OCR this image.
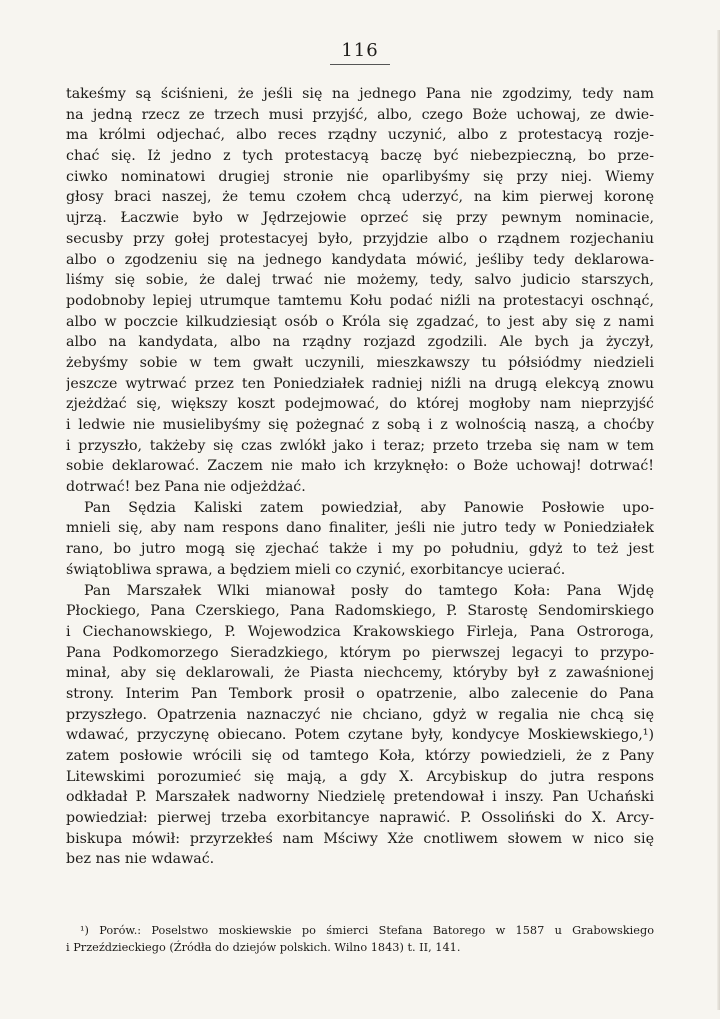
116
takeśmy są ściśnieni, że jeśli się na jednego Pana nie zgodzimy, tedy nam
na jedną rzecz ze trzech musi przyjść, albo, czego Boże uchowaj, ze dwie-
ma królmi odjechać, albo reces rządny uczynić, albo z protestacyą rozje-
chać się. Iż jedno z tych protestacyą baczę być niebezpieczną, bo prze-
ciwko nominatowi drugiej stronie nie oparlibyśmy się przy niej. Wiemy
głosy braci naszej, że temu czołem chcą uderzyć, na kim pierwej koronę
ujrzą. Łaczwie było w Jędrzejowie oprzeć się przy pewnym nominacie,
secusby przy gołej protestacyej było, przyjdzie albo o rządnem rozjechaniu
albo o zgodzeniu się na jednego kandydata mówić, jeśliby tedy deklarowa-
liśmy się sobie, że dalej trwać nie możemy, tedy, salvo judicio starszych,
podobnoby lepiej utrumque tamtemu Kołu podać niźli na protestacyi oschnąć,
albo w poczcie kilkudziesiąt osób o Króla się zgadzać, to jest aby się z nami
albo na kandydata, albo na rządny rozjazd zgodzili. Ale bych ja życzył,
żebyśmy sobie w tem gwałt uczynili, mieszkawszy tu półsiódmy niedzieli
jeszcze wytrwać przez ten Poniedziałek radniej niźli na drugą elekcyą znowu
zjeżdżać się, większy koszt podejmować, do której mogłoby nam nieprzyjść
i ledwie nie musielibyśmy się pożegnać z sobą i z wolnością naszą, a choćby
i przyszło, takżeby się czas zwlókł jako i teraz; przeto trzeba się nam w tem
sobie deklarować. Zaczem nie mało ich krzyknęło: o Boże uchowaj! dotrwać!
dotrwać! bez Pana nie odjeżdżać.
Pan Sędzia Kaliski zatem powiedział, aby Panowie Posłowie upo-
mnieli się, aby nam respons dano finaliter, jeśli nie jutro tedy w Poniedziałek
rano, bo jutro mogą się zjechać także i my po południu, gdyż to też jest
świątobliwa sprawa, a będziem mieli co czynić, exorbitancye ucierać.
Pan Marszałek Wlki mianował posły do tamtego Koła: Pana Wjdę
Płockiego, Pana Czerskiego, Pana Radomskiego, P. Starostę Sendomirskiego
i Ciechanowskiego, P. Wojewodzica Krakowskiego Firleja, Pana Ostroroga,
Pana Podkomorzego Sieradzkiego, którym po pierwszej legacyi to przypo-
minał, aby się deklarowali, że Piasta niechcemy, któryby był z zawaśnionej
strony. Interim Pan Tembork prosił o opatrzenie, albo zalecenie do Pana
przyszłego. Opatrzenia naznaczyć nie chciano, gdyż w regalia nie chcą się
wdawać, przyczynę obiecano. Potem czytane były, kondycye Moskiewskiego,¹)
zatem posłowie wrócili się od tamtego Koła, którzy powiedzieli, że z Pany
Litewskimi porozumieć się mają, a gdy X. Arcybiskup do jutra respons
odkładał P. Marszałek nadworny Niedzielę pretendował i inszy. Pan Uchański
powiedział: pierwej trzeba exorbitancye naprawić. P. Ossoliński do X. Arcy-
biskupa mówił: przyrzekłeś nam Mściwy Xże cnotliwem słowem w nico się
bez nas nie wdawać.
¹) Porów.: Poselstwo moskiewskie po śmierci Stefana Batorego w 1587 u Grabowskiego
i Przeździeckiego (Źródła do dziejów polskich. Wilno 1843) t. II, 141.
